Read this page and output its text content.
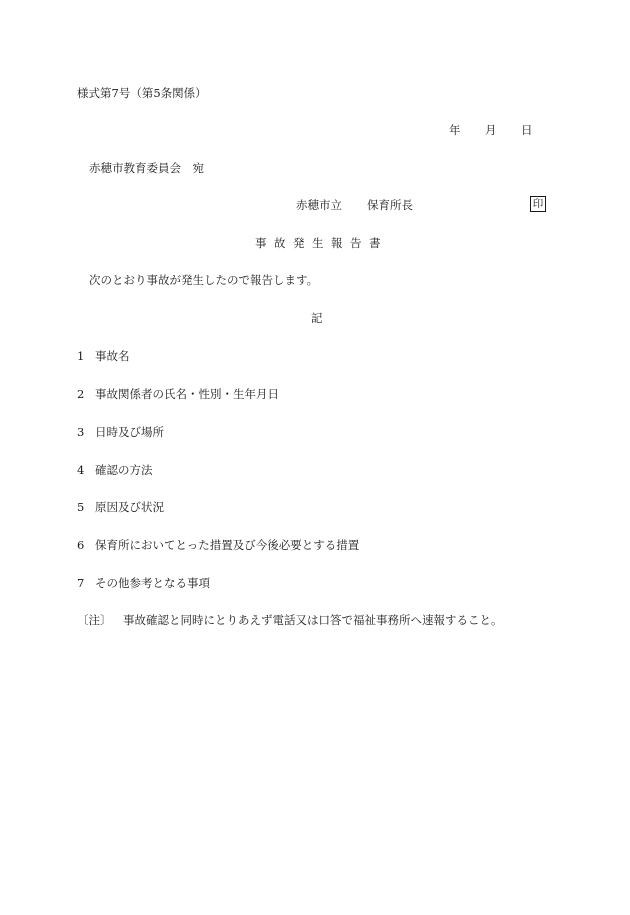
様式第7号（第5条関係）
年 月 日
赤穂市教育委員会　宛
赤穂市立 保育所長	印
事故発生報告書
次のとおり事故が発生したので報告します。
記
1 事故名
2 事故関係者の氏名・性別・生年月日
3 日時及び場所
4 確認の方法
5 原因及び状況
6 保育所においてとった措置及び今後必要とする措置
7 その他参考となる事項
〔注〕 事故確認と同時にとりあえず電話又は口答で福祉事務所へ速報すること。
